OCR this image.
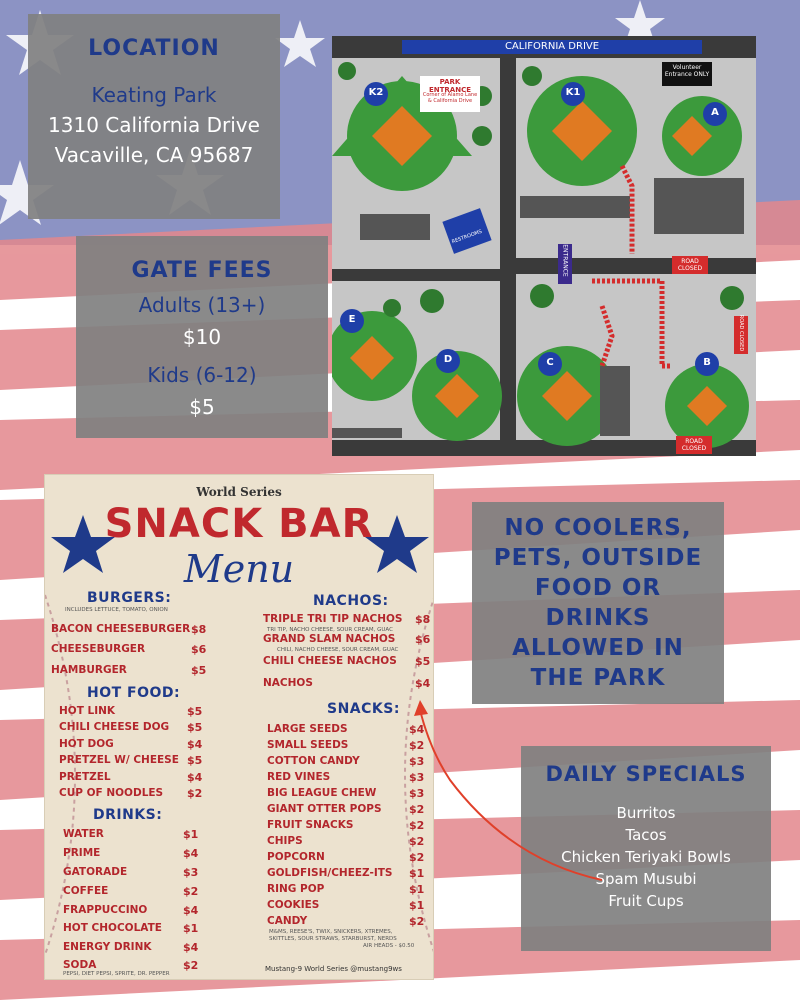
LOCATION
Keating Park
1310 California Drive
Vacaville, CA 95687
GATE FEES
Adults (13+)
$10
Kids (6-12)
$5
CALIFORNIA DRIVE
PARK ENTRANCE
Corner of Alamo Lane & California Drive
Volunteer Entrance ONLY
ENTRANCE
RESTROOMS
ROAD CLOSED
ROAD CLOSED
ROAD CLOSED
K2	K1
A
E
D	C	B
World Series
SNACK BAR
Menu
BURGERS:
INCLUDES LETTUCE, TOMATO, ONION
BACON CHEESEBURGER $8
CHEESEBURGER	$6
HAMBURGER	$5
HOT FOOD:
HOT LINK	$5
CHILI CHEESE DOG $5
HOT DOG	$4
PRETZEL W/ CHEESE $5
PRETZEL	$4
CUP OF NOODLES $2
DRINKS:
WATER	$1
PRIME	$4
GATORADE	$3
COFFEE	$2
FRAPPUCCINO	$4
HOT CHOCOLATE $1
ENERGY DRINK	$4
SODA	$2
PEPSI, DIET PEPSI, SPRITE, DR. PEPPER
NACHOS:
TRIPLE TRI TIP NACHOS $8
TRI TIP, NACHO CHEESE, SOUR CREAM, GUAC
GRAND SLAM NACHOS $6
CHILI, NACHO CHEESE, SOUR CREAM, GUAC
CHILI CHEESE NACHOS $5
NACHOS	$4
SNACKS:
LARGE SEEDS	$4
SMALL SEEDS	$2
COTTON CANDY	$3
RED VINES	$3
BIG LEAGUE CHEW	$3
GIANT OTTER POPS $2
FRUIT SNACKS	$2
CHIPS	$2
POPCORN	$2
GOLDFISH/CHEEZ-ITS $1
RING POP	$1
COOKIES	$1
CANDY	$2
M&MS, REESE'S, TWIX, SNICKERS, XTREMES,
SKITTLES, SOUR STRAWS, STARBURST, NERDS
AIR HEADS - $0.50
Mustang-9 World Series @mustang9ws
NO COOLERS, PETS, OUTSIDE FOOD OR DRINKS ALLOWED IN THE PARK
DAILY SPECIALS
Burritos
Tacos
Chicken Teriyaki Bowls
Spam Musubi
Fruit Cups
